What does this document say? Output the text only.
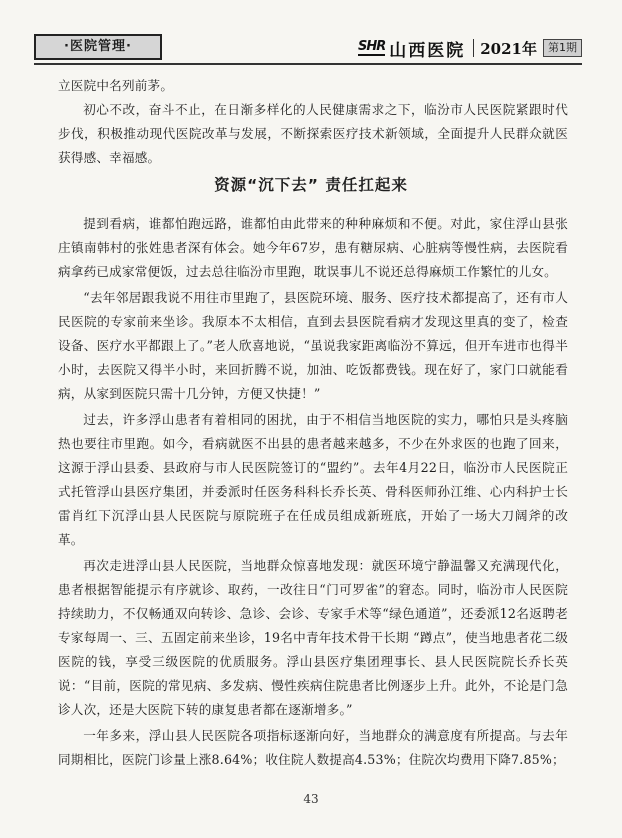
·医院管理·	SHR 山西医院 2021年	第1期

立医院中名列前茅。

初心不改，奋斗不止，在日渐多样化的人民健康需求之下，临汾市人民医院紧跟时代步伐，积极推动现代医院改革与发展，不断探索医疗技术新领域，全面提升人民群众就医获得感、幸福感。

资源“沉下去” 责任扛起来

提到看病，谁都怕跑远路，谁都怕由此带来的种种麻烦和不便。对此，家住浮山县张庄镇南韩村的张姓患者深有体会。她今年67岁，患有糖尿病、心脏病等慢性病，去医院看病拿药已成家常便饭，过去总往临汾市里跑，耽误事儿不说还总得麻烦工作繁忙的儿女。

“去年邻居跟我说不用往市里跑了，县医院环境、服务、医疗技术都提高了，还有市人民医院的专家前来坐诊。我原本不太相信，直到去县医院看病才发现这里真的变了，检查设备、医疗水平都跟上了。”老人欣喜地说，“虽说我家距离临汾不算远，但开车进市也得半小时，去医院又得半小时，来回折腾不说，加油、吃饭都费钱。现在好了，家门口就能看病，从家到医院只需十几分钟，方便又快捷！”

过去，许多浮山患者有着相同的困扰，由于不相信当地医院的实力，哪怕只是头疼脑热也要往市里跑。如今，看病就医不出县的患者越来越多，不少在外求医的也跑了回来，这源于浮山县委、县政府与市人民医院签订的“盟约”。去年4月22日，临汾市人民医院正式托管浮山县医疗集团，并委派时任医务科科长乔长英、骨科医师孙江维、心内科护士长雷肖红下沉浮山县人民医院与原院班子在任成员组成新班底，开始了一场大刀阔斧的改革。

再次走进浮山县人民医院，当地群众惊喜地发现：就医环境宁静温馨又充满现代化，患者根据智能提示有序就诊、取药，一改往日“门可罗雀”的窘态。同时，临汾市人民医院持续助力，不仅畅通双向转诊、急诊、会诊、专家手术等“绿色通道”，还委派12名返聘老专家每周一、三、五固定前来坐诊，19名中青年技术骨干长期 “蹲点”，使当地患者花二级医院的钱，享受三级医院的优质服务。浮山县医疗集团理事长、县人民医院院长乔长英说：“目前，医院的常见病、多发病、慢性疾病住院患者比例逐步上升。此外，不论是门急诊人次，还是大医院下转的康复患者都在逐渐增多。”

一年多来，浮山县人民医院各项指标逐渐向好，当地群众的满意度有所提高。与去年同期相比，医院门诊量上涨8.64%；收住院人数提高4.53%；住院次均费用下降7.85%；

43
